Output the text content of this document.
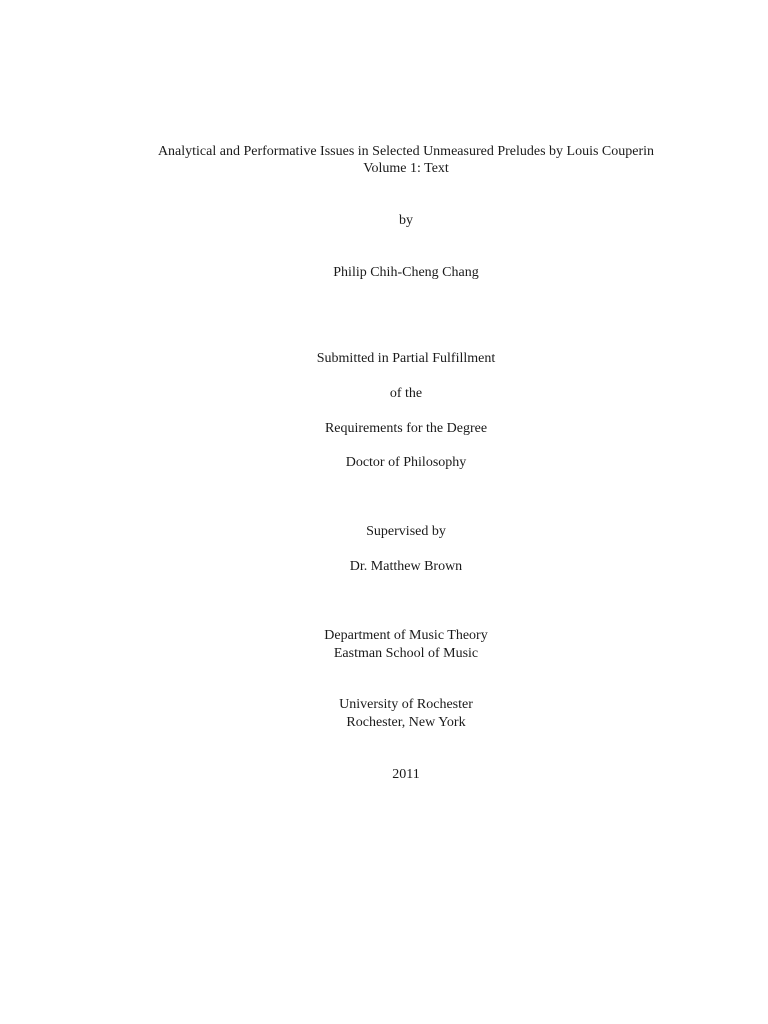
Analytical and Performative Issues in Selected Unmeasured Preludes by Louis Couperin
Volume 1: Text
by
Philip Chih-Cheng Chang
Submitted in Partial Fulfillment
of the
Requirements for the Degree
Doctor of Philosophy
Supervised by
Dr. Matthew Brown
Department of Music Theory
Eastman School of Music
University of Rochester
Rochester, New York
2011
